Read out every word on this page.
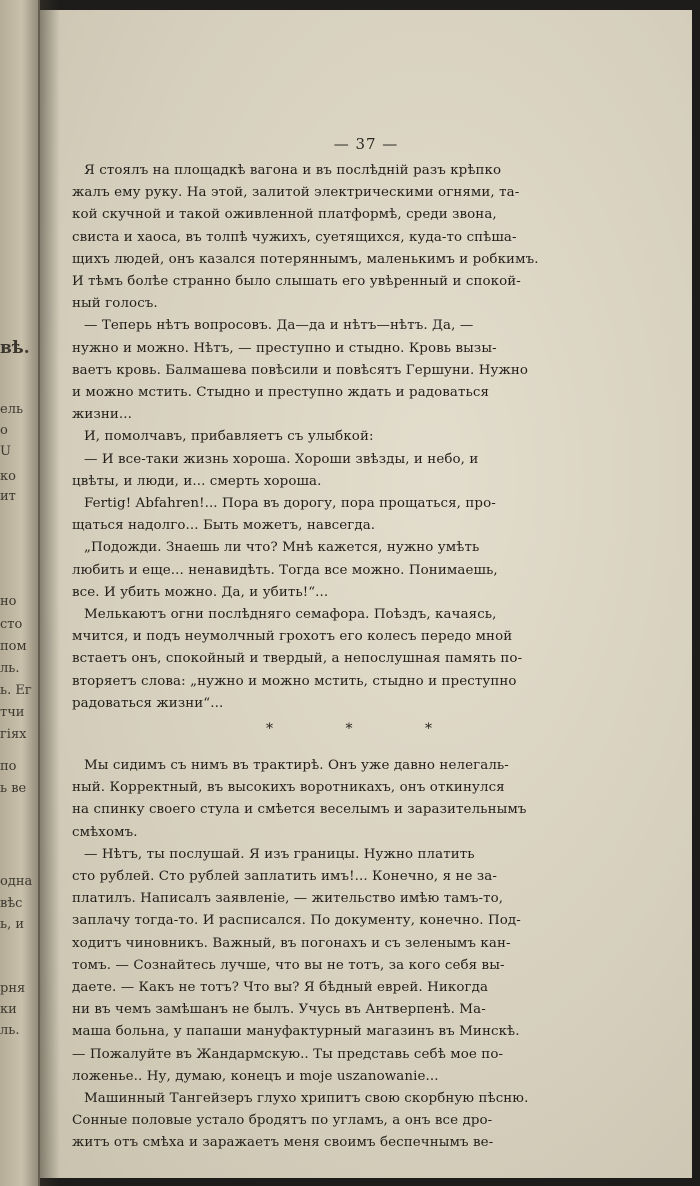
вѣ.
ель
о
U
ко
ит
но
сто
пом
ль.
ь. Ег
тчи
гіях
по
ь ве
одна
вѣс
ь, и
рня
ки
ль.
— 37 —
Я стоялъ на площадкѣ вагона и въ послѣдній разъ крѣпко
жалъ ему руку. На этой, залитой электрическими огнями, та-
кой скучной и такой оживленной платформѣ, среди звона,
свиста и хаоса, въ толпѣ чужихъ, суетящихся, куда-то спѣша-
щихъ людей, онъ казался потеряннымъ, маленькимъ и робкимъ.
И тѣмъ болѣе странно было слышать его увѣренный и спокой-
ный голосъ.
— Теперь нѣтъ вопросовъ. Да—да и нѣтъ—нѣтъ. Да, —
нужно и можно. Нѣтъ, — преступно и стыдно. Кровь вызы-
ваетъ кровь. Балмашева повѣсили и повѣсятъ Гершуни. Нужно
и можно мстить. Стыдно и преступно ждать и радоваться
жизни...
И, помолчавъ, прибавляетъ съ улыбкой:
— И все-таки жизнь хороша. Хороши звѣзды, и небо, и
цвѣты, и люди, и... смерть хороша.
Fertig! Abfahren!... Пора въ дорогу, пора прощаться, про-
щаться надолго... Быть можетъ, навсегда.
„Подожди. Знаешь ли что? Мнѣ кажется, нужно умѣть
любить и еще... ненавидѣть. Тогда все можно. Понимаешь,
все. И убить можно. Да, и убить!“...
Мелькаютъ огни послѣдняго семафора. Поѣздъ, качаясь,
мчится, и подъ неумолчный грохотъ его колесъ передо мной
встаетъ онъ, спокойный и твердый, а непослушная память по-
вторяетъ слова: „нужно и можно мстить, стыдно и преступно
радоваться жизни“...
* * *
Мы сидимъ съ нимъ въ трактирѣ. Онъ уже давно нелегаль-
ный. Корректный, въ высокихъ воротникахъ, онъ откинулся
на спинку своего стула и смѣется веселымъ и заразительнымъ
смѣхомъ.
— Нѣтъ, ты послушай. Я изъ границы. Нужно платить
сто рублей. Сто рублей заплатить имъ!... Конечно, я не за-
платилъ. Написалъ заявленіе, — жительство имѣю тамъ-то,
заплачу тогда-то. И расписался. По документу, конечно. Под-
ходитъ чиновникъ. Важный, въ погонахъ и съ зеленымъ кан-
томъ. — Сознайтесь лучше, что вы не тотъ, за кого себя вы-
даете. — Какъ не тотъ? Что вы? Я бѣдный еврей. Никогда
ни въ чемъ замѣшанъ не былъ. Учусь въ Антверпенѣ. Ма-
маша больна, у папаши мануфактурный магазинъ въ Минскѣ.
— Пожалуйте въ Жандармскую.. Ты представь себѣ мое по-
ложенье.. Ну, думаю, конецъ и moje uszanowanie...
Машинный Тангейзеръ глухо хрипитъ свою скорбную пѣсню.
Сонные половые устало бродятъ по угламъ, а онъ все дро-
житъ отъ смѣха и заражаетъ меня своимъ беспечнымъ ве-
